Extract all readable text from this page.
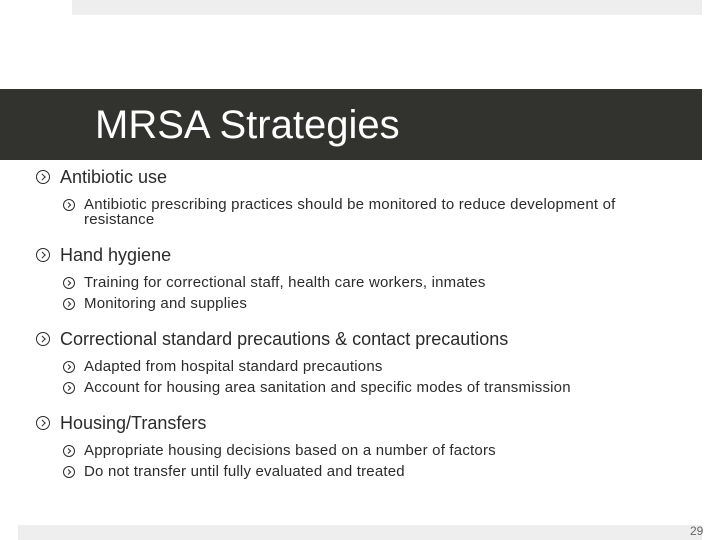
MRSA Strategies
Antibiotic use
Antibiotic prescribing practices should be monitored to reduce development of resistance
Hand hygiene
Training for correctional staff, health care workers, inmates
Monitoring and supplies
Correctional standard precautions & contact precautions
Adapted from hospital standard precautions
Account for housing area sanitation and specific modes of transmission
Housing/Transfers
Appropriate housing decisions based on a number of factors
Do not transfer until fully evaluated and treated
29
